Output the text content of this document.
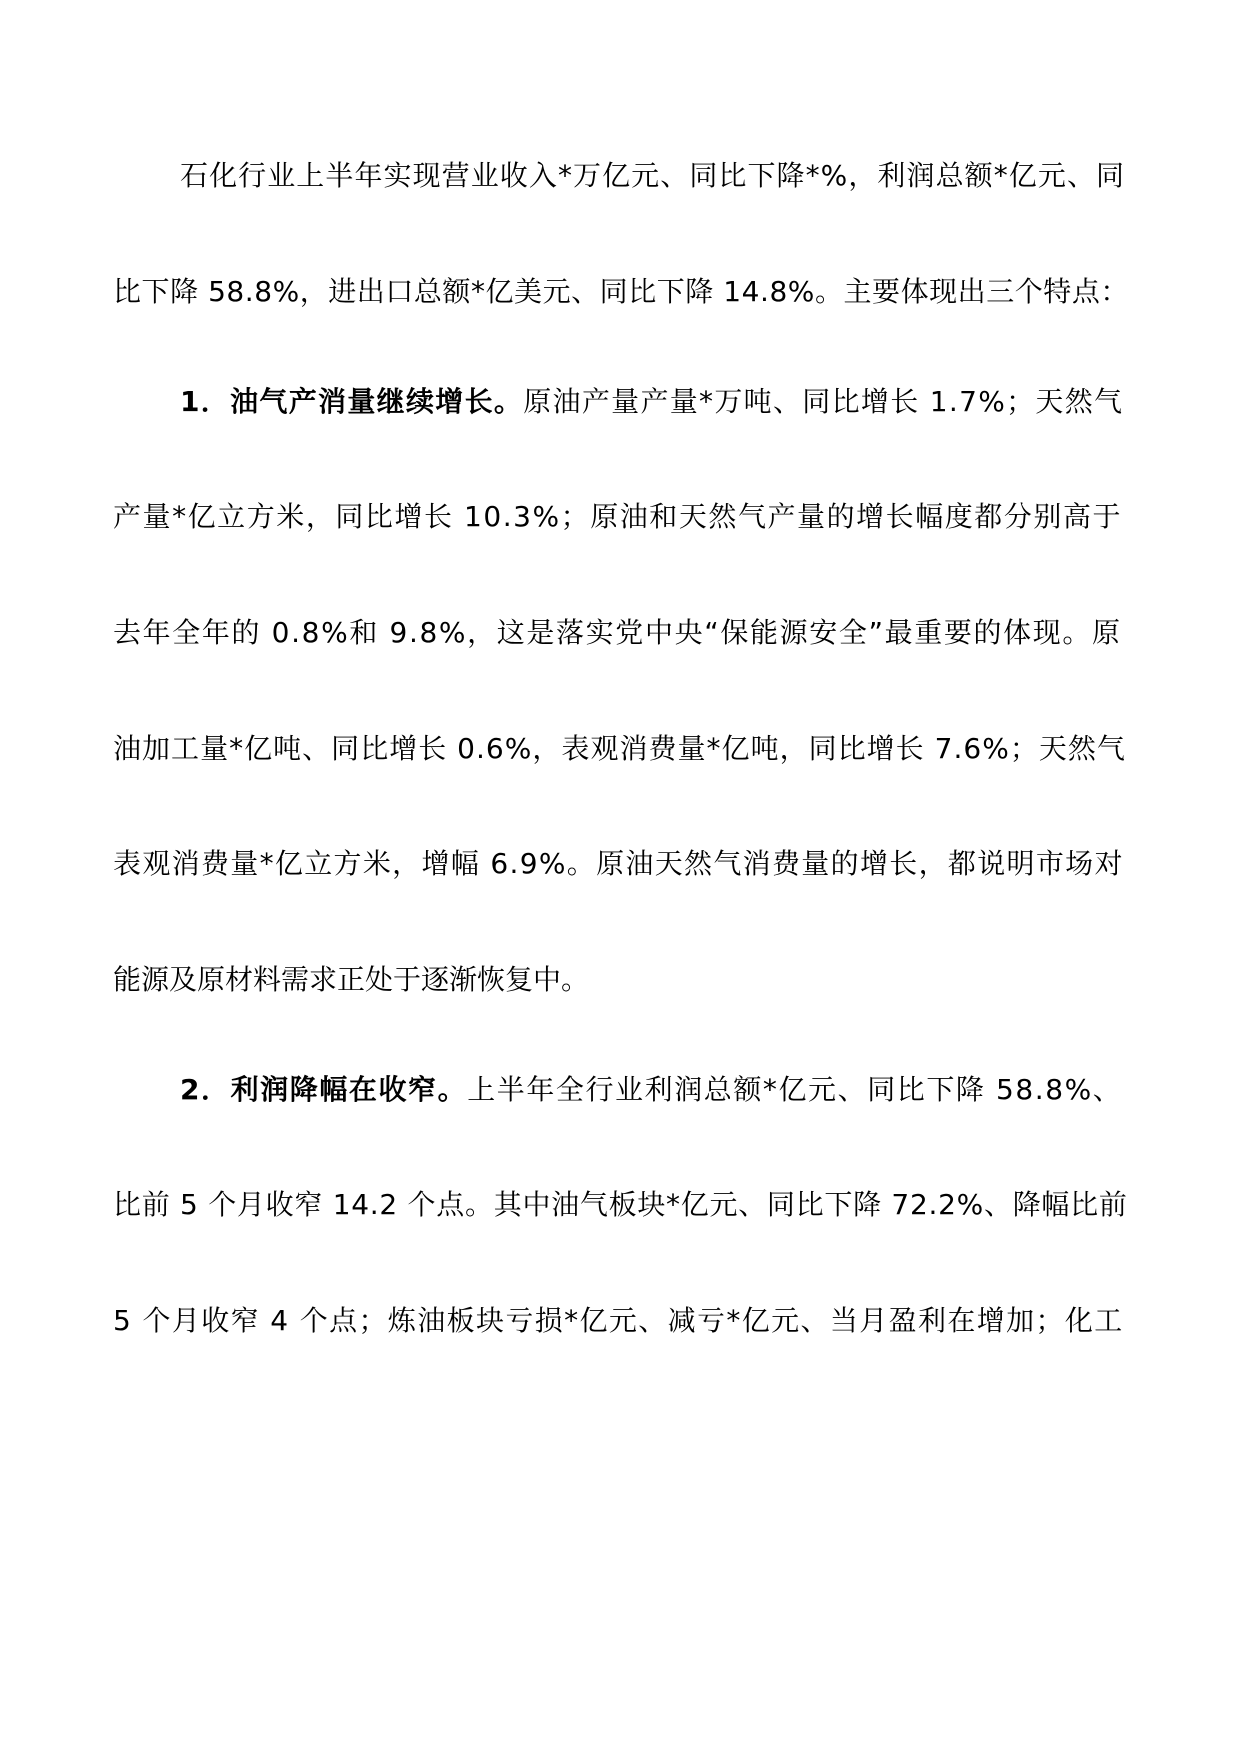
石化行业上半年实现营业收入*万亿元、同比下降*%，利润总额*亿元、同
比下降 58.8%，进出口总额*亿美元、同比下降 14.8%。主要体现出三个特点：
1．油气产消量继续增长。原油产量产量*万吨、同比增长 1.7%；天然气
产量*亿立方米，同比增长 10.3%；原油和天然气产量的增长幅度都分别高于
去年全年的 0.8%和 9.8%，这是落实党中央“保能源安全”最重要的体现。原
油加工量*亿吨、同比增长 0.6%，表观消费量*亿吨，同比增长 7.6%；天然气
表观消费量*亿立方米，增幅 6.9%。原油天然气消费量的增长，都说明市场对
能源及原材料需求正处于逐渐恢复中。
2．利润降幅在收窄。上半年全行业利润总额*亿元、同比下降 58.8%、
比前 5 个月收窄 14.2 个点。其中油气板块*亿元、同比下降 72.2%、降幅比前
5 个月收窄 4 个点；炼油板块亏损*亿元、减亏*亿元、当月盈利在增加；化工
